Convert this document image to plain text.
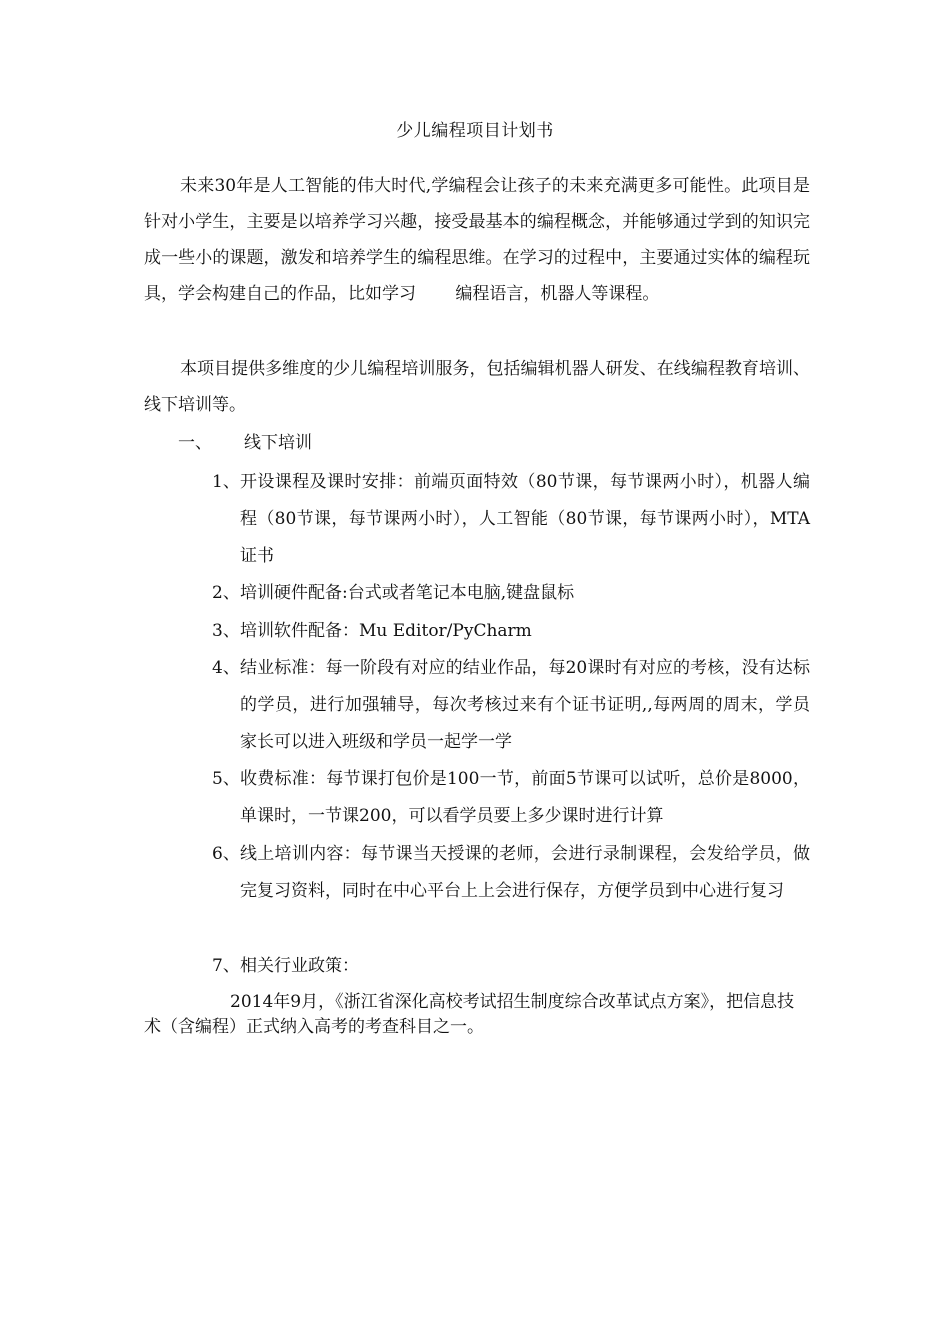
少儿编程项目计划书
未来30年是人工智能的伟大时代,学编程会让孩子的未来充满更多可能性。此项目是针对小学生，主要是以培养学习兴趣，接受最基本的编程概念，并能够通过学到的知识完成一些小的课题，激发和培养学生的编程思维。在学习的过程中，主要通过实体的编程玩具，学会构建自己的作品，比如学习　　 编程语言，机器人等课程。
本项目提供多维度的少儿编程培训服务，包括编辑机器人研发、在线编程教育培训、线下培训等。
一、 线下培训
1、 开设课程及课时安排：前端页面特效（80节课，每节课两小时），机器人编程（80节课，每节课两小时），人工智能（80节课，每节课两小时），MTA证书
2、 培训硬件配备:台式或者笔记本电脑,键盘鼠标
3、 培训软件配备：Mu Editor/PyCharm
4、 结业标准：每一阶段有对应的结业作品，每20课时有对应的考核，没有达标的学员，进行加强辅导，每次考核过来有个证书证明,,每两周的周末，学员家长可以进入班级和学员一起学一学
5、 收费标准：每节课打包价是100一节，前面5节课可以试听，总价是8000，单课时，一节课200，可以看学员要上多少课时进行计算
6、 线上培训内容：每节课当天授课的老师，会进行录制课程，会发给学员，做完复习资料，同时在中心平台上上会进行保存，方便学员到中心进行复习
7、 相关行业政策：
2014年9月，《浙江省深化高校考试招生制度综合改革试点方案》，把信息技术（含编程）正式纳入高考的考查科目之一。
